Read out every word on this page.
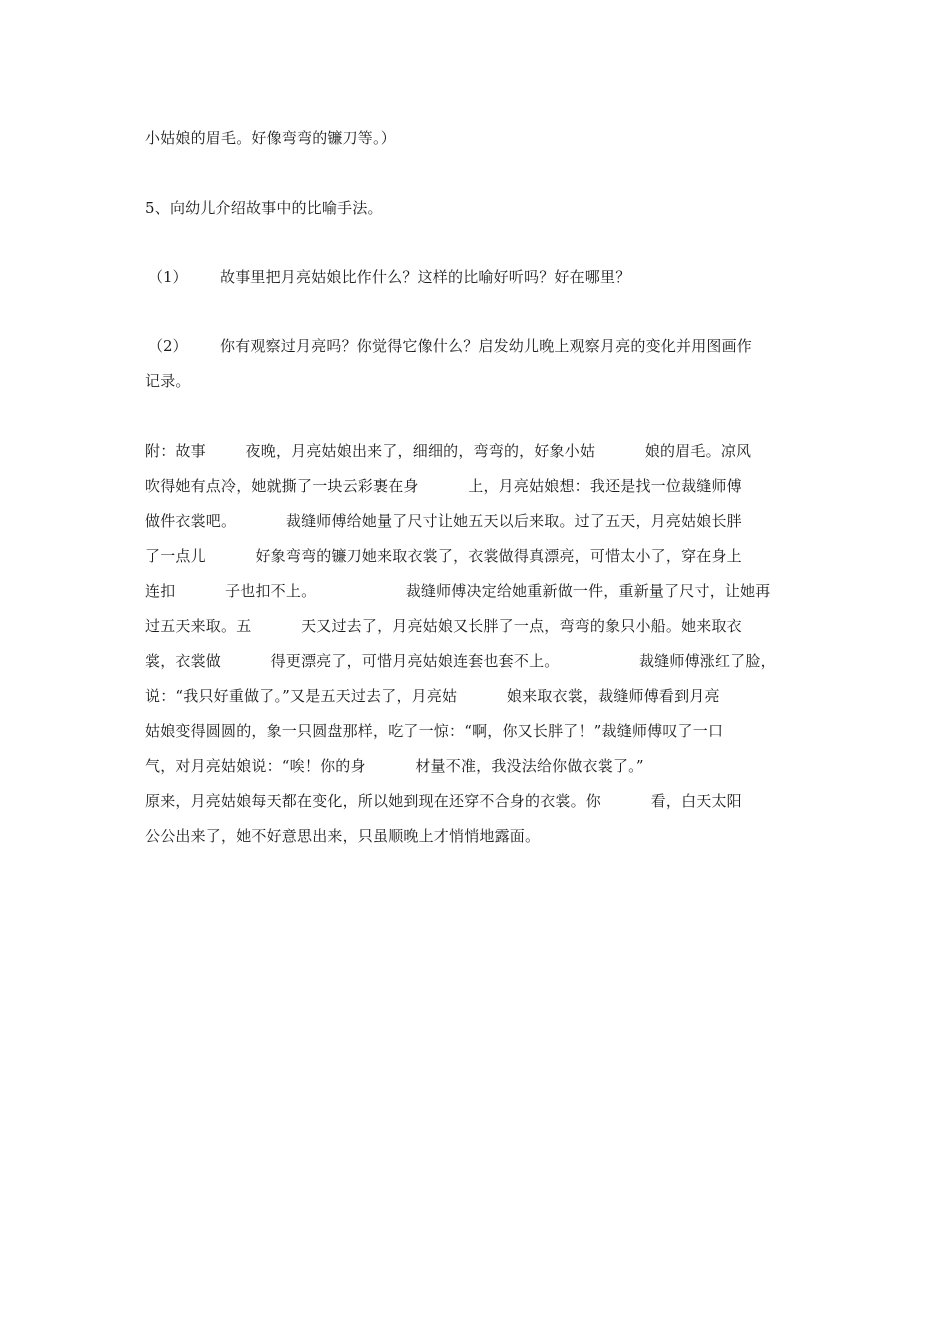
小姑娘的眉毛。好像弯弯的镰刀等。）
5、向幼儿介绍故事中的比喻手法。
（1） 故事里把月亮姑娘比作什么？这样的比喻好听吗？好在哪里？
（2） 你有观察过月亮吗？你觉得它像什么？启发幼儿晚上观察月亮的变化并用图画作
记录。
附：故事        夜晚，月亮姑娘出来了，细细的，弯弯的，好象小姑          娘的眉毛。凉风
吹得她有点冷，她就撕了一块云彩裹在身          上，月亮姑娘想：我还是找一位裁缝师傅
做件衣裳吧。          裁缝师傅给她量了尺寸让她五天以后来取。过了五天，月亮姑娘长胖
了一点儿          好象弯弯的镰刀她来取衣裳了，衣裳做得真漂亮，可惜太小了，穿在身上
连扣          子也扣不上。                  裁缝师傅决定给她重新做一件，重新量了尺寸，让她再
过五天来取。五          天又过去了，月亮姑娘又长胖了一点，弯弯的象只小船。她来取衣
裳，衣裳做          得更漂亮了，可惜月亮姑娘连套也套不上。                裁缝师傅涨红了脸，
说：“我只好重做了。”又是五天过去了，月亮姑          娘来取衣裳，裁缝师傅看到月亮
姑娘变得圆圆的，象一只圆盘那样，吃了一惊：“啊，你又长胖了！”裁缝师傅叹了一口
气，对月亮姑娘说：“唉！你的身          材量不准，我没法给你做衣裳了。”
原来，月亮姑娘每天都在变化，所以她到现在还穿不合身的衣裳。你          看，白天太阳
公公出来了，她不好意思出来，只虽顺晚上才悄悄地露面。
